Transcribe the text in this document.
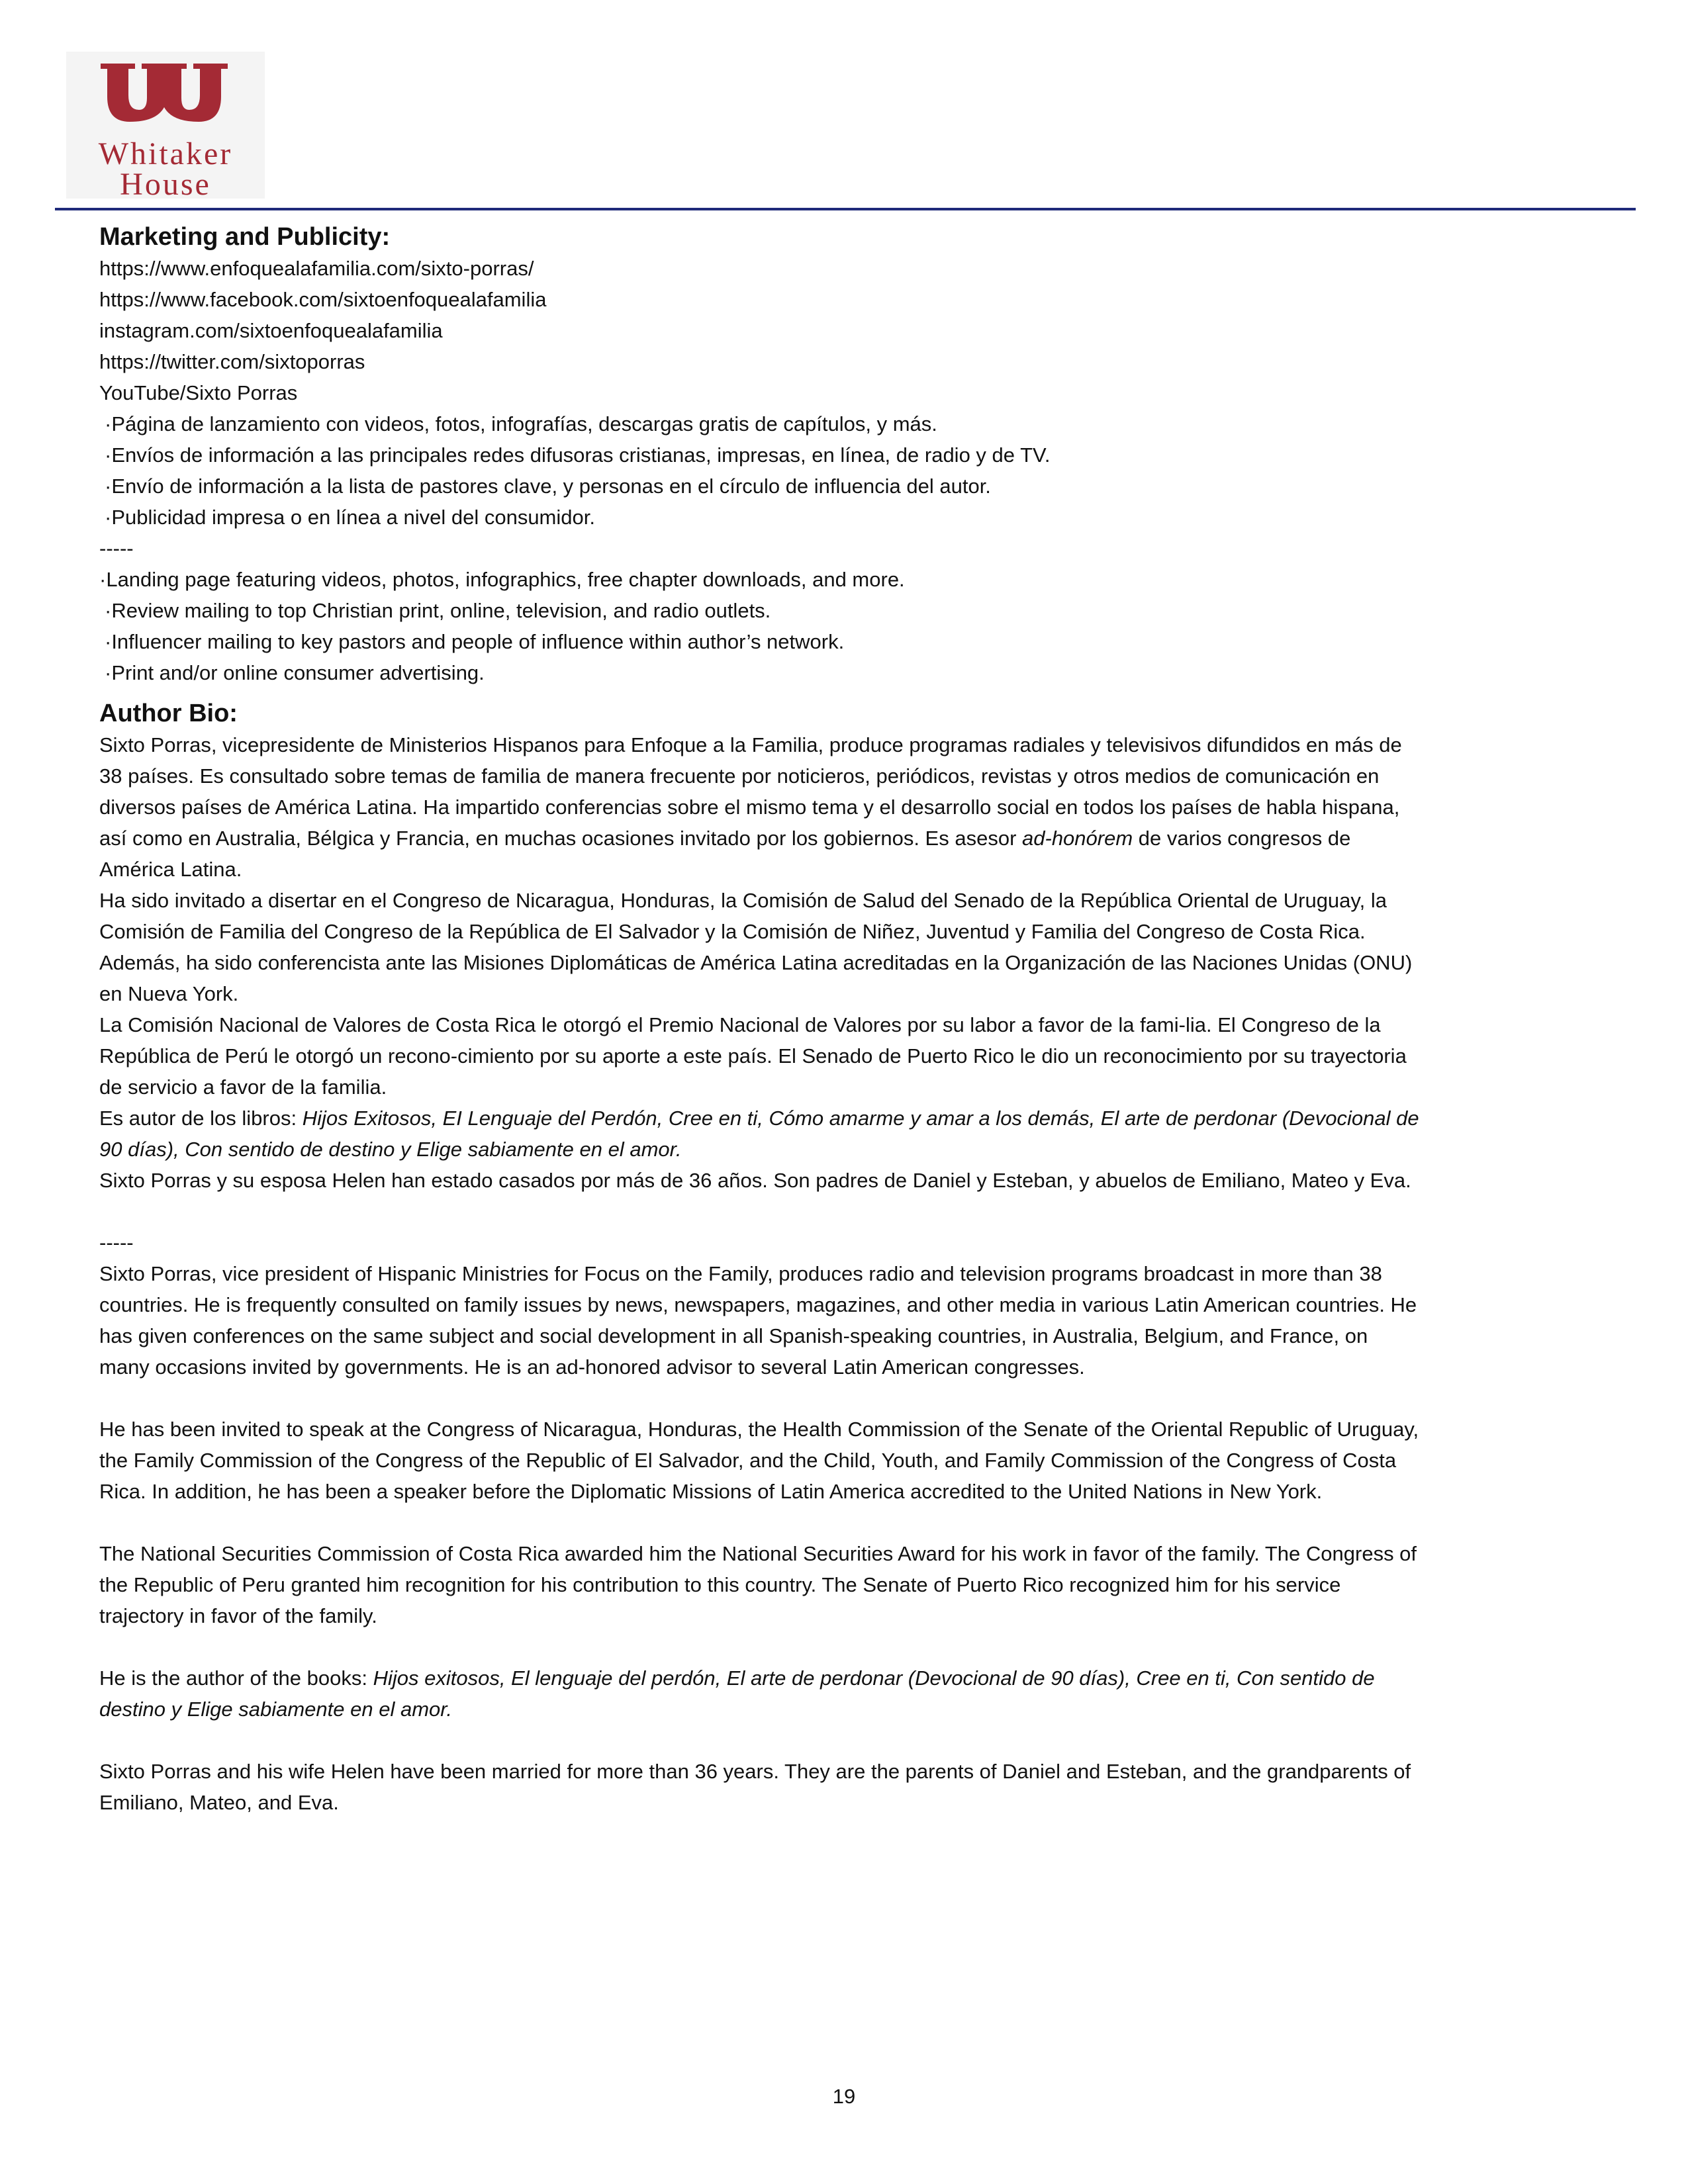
Whitaker
House
Marketing and Publicity:
https://www.enfoquealafamilia.com/sixto-porras/
https://www.facebook.com/sixtoenfoquealafamilia
instagram.com/sixtoenfoquealafamilia
https://twitter.com/sixtoporras
YouTube/Sixto Porras
·Página de lanzamiento con videos, fotos, infografías, descargas gratis de capítulos, y más.
·Envíos de información a las principales redes difusoras cristianas, impresas, en línea, de radio y de TV.
·Envío de información a la lista de pastores clave, y personas en el círculo de influencia del autor.
·Publicidad impresa o en línea a nivel del consumidor.
-----
·Landing page featuring videos, photos, infographics, free chapter downloads, and more.
·Review mailing to top Christian print, online, television, and radio outlets.
·Influencer mailing to key pastors and people of influence within author’s network.
·Print and/or online consumer advertising.
Author Bio:

Sixto Porras, vicepresidente de Ministerios Hispanos para Enfoque a la Familia, produce programas radiales y televisivos difundidos en más de 38 países. Es consultado sobre temas de familia de manera frecuente por noticieros, periódicos, revistas y otros medios de comunicación en diversos países de América Latina. Ha impartido conferencias sobre el mismo tema y el desarrollo social en todos los países de habla hispana, así como en Australia, Bélgica y Francia, en muchas ocasiones invitado por los gobiernos. Es asesor ad-honórem de varios congresos de América Latina.

Ha sido invitado a disertar en el Congreso de Nicaragua, Honduras, la Comisión de Salud del Senado de la República Oriental de Uruguay, la Comisión de Familia del Congreso de la República de El Salvador y la Comisión de Niñez, Juventud y Familia del Congreso de Costa Rica. Además, ha sido conferencista ante las Misiones Diplomáticas de América Latina acreditadas en la Organización de las Naciones Unidas (ONU) en Nueva York.

La Comisión Nacional de Valores de Costa Rica le otorgó el Premio Nacional de Valores por su labor a favor de la fami-lia. El Congreso de la República de Perú le otorgó un recono-cimiento por su aporte a este país. El Senado de Puerto Rico le dio un reconocimiento por su trayectoria de servicio a favor de la familia.

Es autor de los libros: Hijos Exitosos, EI Lenguaje del Perdón, Cree en ti, Cómo amarme y amar a los demás, El arte de perdonar (Devocional de 90 días), Con sentido de destino y Elige sabiamente en el amor.

Sixto Porras y su esposa Helen han estado casados por más de 36 años. Son padres de Daniel y Esteban, y abuelos de Emiliano, Mateo y Eva.

-----

Sixto Porras, vice president of Hispanic Ministries for Focus on the Family, produces radio and television programs broadcast in more than 38 countries. He is frequently consulted on family issues by news, newspapers, magazines, and other media in various Latin American countries. He has given conferences on the same subject and social development in all Spanish-speaking countries, in Australia, Belgium, and France, on many occasions invited by governments. He is an ad-honored advisor to several Latin American congresses.

He has been invited to speak at the Congress of Nicaragua, Honduras, the Health Commission of the Senate of the Oriental Republic of Uruguay, the Family Commission of the Congress of the Republic of El Salvador, and the Child, Youth, and Family Commission of the Congress of Costa Rica. In addition, he has been a speaker before the Diplomatic Missions of Latin America accredited to the United Nations in New York.

The National Securities Commission of Costa Rica awarded him the National Securities Award for his work in favor of the family. The Congress of the Republic of Peru granted him recognition for his contribution to this country. The Senate of Puerto Rico recognized him for his service trajectory in favor of the family.

He is the author of the books: Hijos exitosos, El lenguaje del perdón, El arte de perdonar (Devocional de 90 días), Cree en ti, Con sentido de destino y Elige sabiamente en el amor.

Sixto Porras and his wife Helen have been married for more than 36 years. They are the parents of Daniel and Esteban, and the grandparents of Emiliano, Mateo, and Eva.

19
